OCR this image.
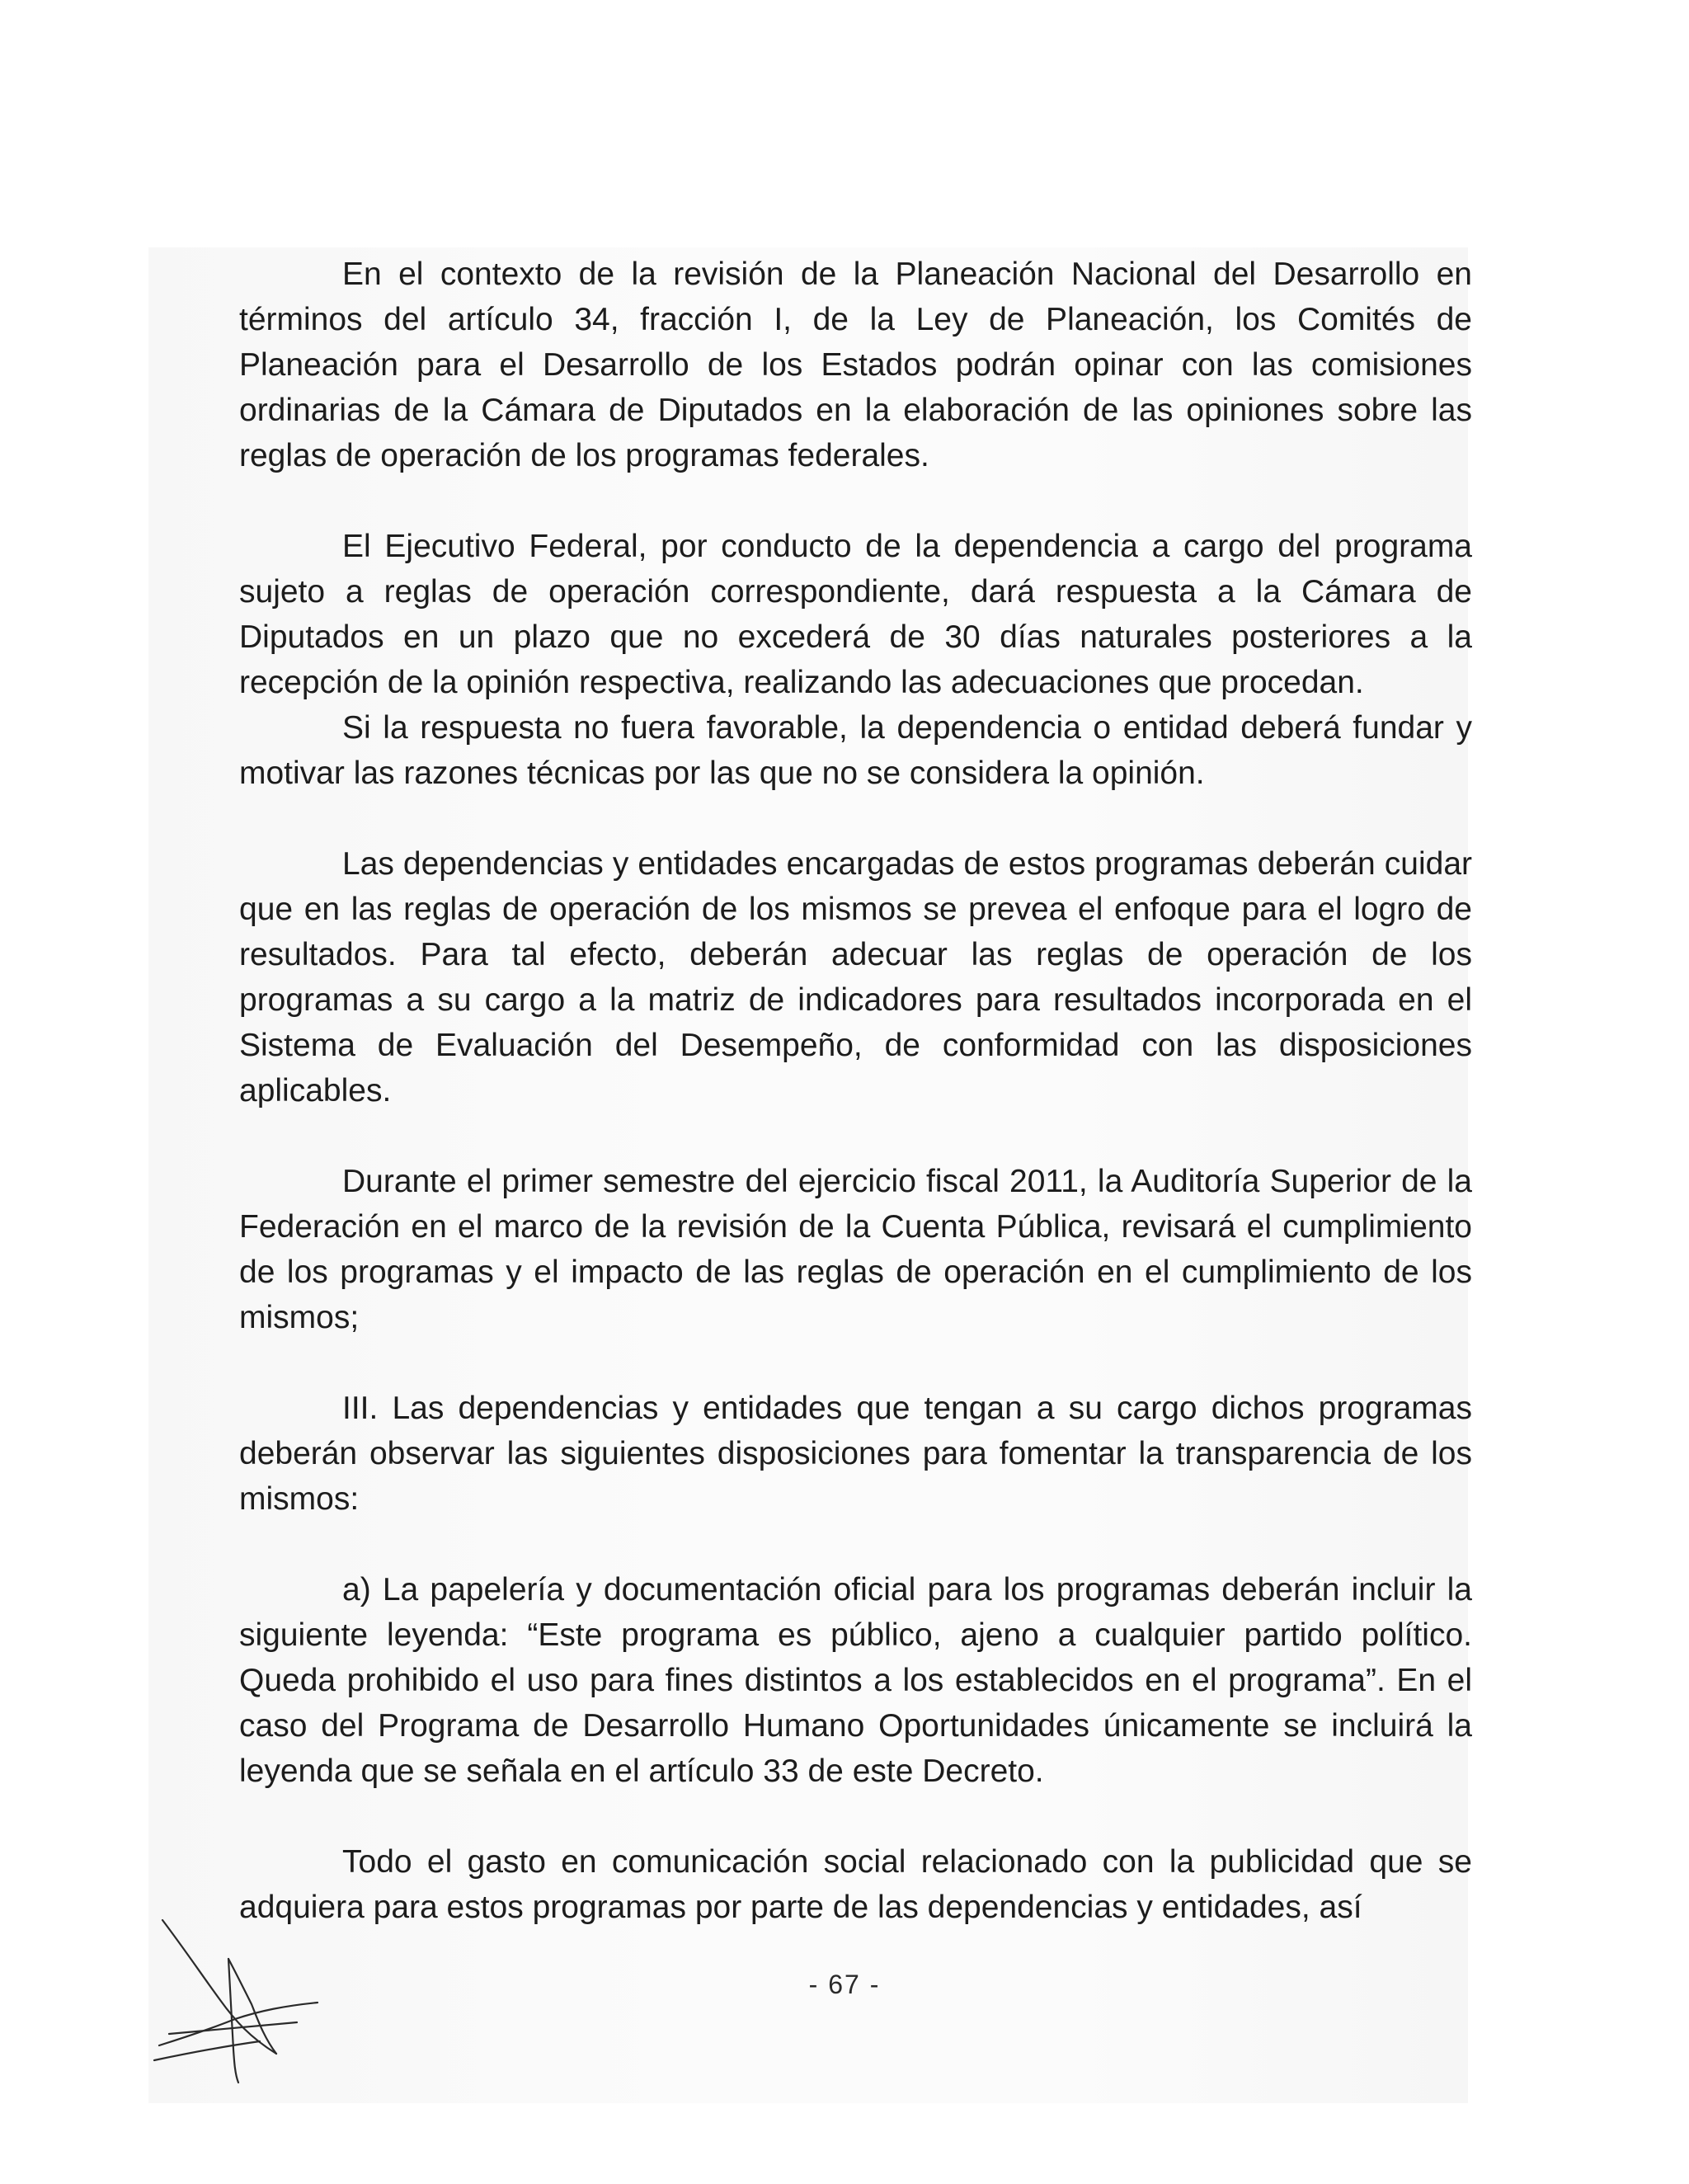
En el contexto de la revisión de la Planeación Nacional del Desarrollo en términos del artículo 34, fracción I, de la Ley de Planeación, los Comités de Planeación para el Desarrollo de los Estados podrán opinar con las comisiones ordinarias de la Cámara de Diputados en la elaboración de las opiniones sobre las reglas de operación de los programas federales.

El Ejecutivo Federal, por conducto de la dependencia a cargo del programa sujeto a reglas de operación correspondiente, dará respuesta a la Cámara de Diputados en un plazo que no excederá de 30 días naturales posteriores a la recepción de la opinión respectiva, realizando las adecuaciones que procedan.

Si la respuesta no fuera favorable, la dependencia o entidad deberá fundar y motivar las razones técnicas por las que no se considera la opinión.

Las dependencias y entidades encargadas de estos programas deberán cuidar que en las reglas de operación de los mismos se prevea el enfoque para el logro de resultados. Para tal efecto, deberán adecuar las reglas de operación de los programas a su cargo a la matriz de indicadores para resultados incorporada en el Sistema de Evaluación del Desempeño, de conformidad con las disposiciones aplicables.

Durante el primer semestre del ejercicio fiscal 2011, la Auditoría Superior de la Federación en el marco de la revisión de la Cuenta Pública, revisará el cumplimiento de los programas y el impacto de las reglas de operación en el cumplimiento de los mismos;

III. Las dependencias y entidades que tengan a su cargo dichos programas deberán observar las siguientes disposiciones para fomentar la transparencia de los mismos:

a) La papelería y documentación oficial para los programas deberán incluir la siguiente leyenda: “Este programa es público, ajeno a cualquier partido político. Queda prohibido el uso para fines distintos a los establecidos en el programa”. En el caso del Programa de Desarrollo Humano Oportunidades únicamente se incluirá la leyenda que se señala en el artículo 33 de este Decreto.

Todo el gasto en comunicación social relacionado con la publicidad que se adquiera para estos programas por parte de las dependencias y entidades, así

- 67 -
